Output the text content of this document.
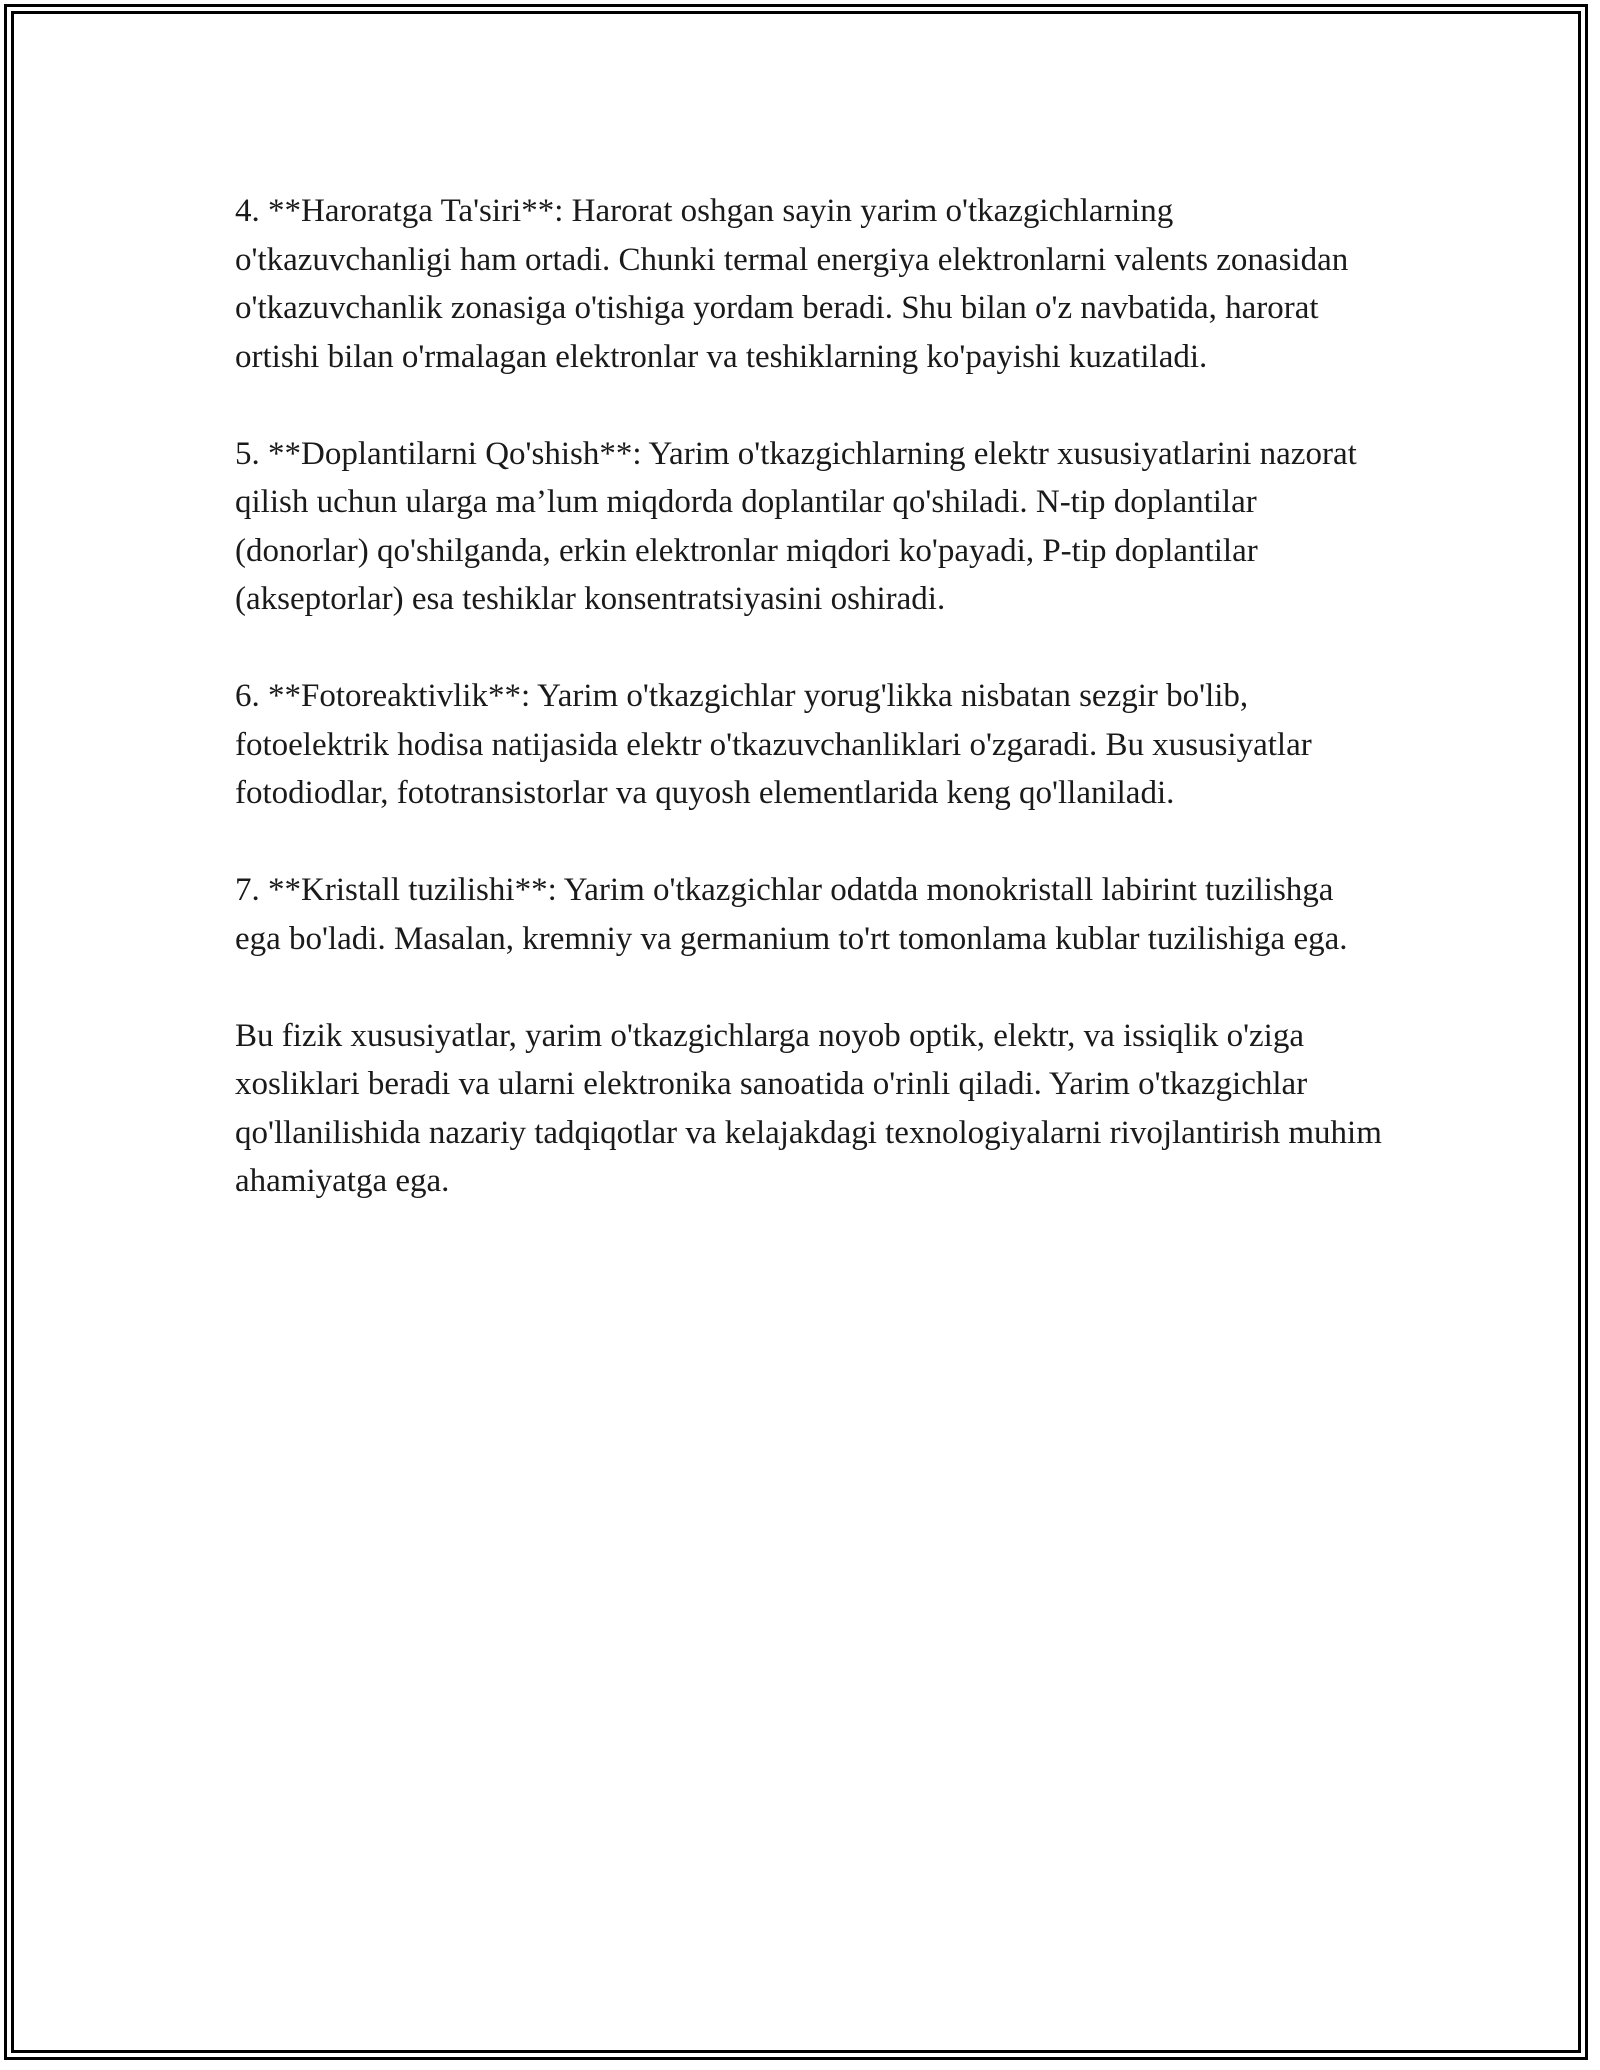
4. **Haroratga Ta'siri**: Harorat oshgan sayin yarim o'tkazgichlarning o'tkazuvchanligi ham ortadi. Chunki termal energiya elektronlarni valents zonasidan o'tkazuvchanlik zonasiga o'tishiga yordam beradi. Shu bilan o'z navbatida, harorat ortishi bilan o'rmalagan elektronlar va teshiklarning ko'payishi kuzatiladi.

5. **Doplantilarni Qo'shish**: Yarim o'tkazgichlarning elektr xususiyatlarini nazorat qilish uchun ularga ma’lum miqdorda doplantilar qo'shiladi. N-tip doplantilar (donorlar) qo'shilganda, erkin elektronlar miqdori ko'payadi, P-tip doplantilar (akseptorlar) esa teshiklar konsentratsiyasini oshiradi.

6. **Fotoreaktivlik**: Yarim o'tkazgichlar yorug'likka nisbatan sezgir bo'lib, fotoelektrik hodisa natijasida elektr o'tkazuvchanliklari o'zgaradi. Bu xususiyatlar fotodiodlar, fototransistorlar va quyosh elementlarida keng qo'llaniladi.

7. **Kristall tuzilishi**: Yarim o'tkazgichlar odatda monokristall labirint tuzilishga ega bo'ladi. Masalan, kremniy va germanium to'rt tomonlama kublar tuzilishiga ega.

Bu fizik xususiyatlar, yarim o'tkazgichlarga noyob optik, elektr, va issiqlik o'ziga xosliklari beradi va ularni elektronika sanoatida o'rinli qiladi. Yarim o'tkazgichlar qo'llanilishida nazariy tadqiqotlar va kelajakdagi texnologiyalarni rivojlantirish muhim ahamiyatga ega.
